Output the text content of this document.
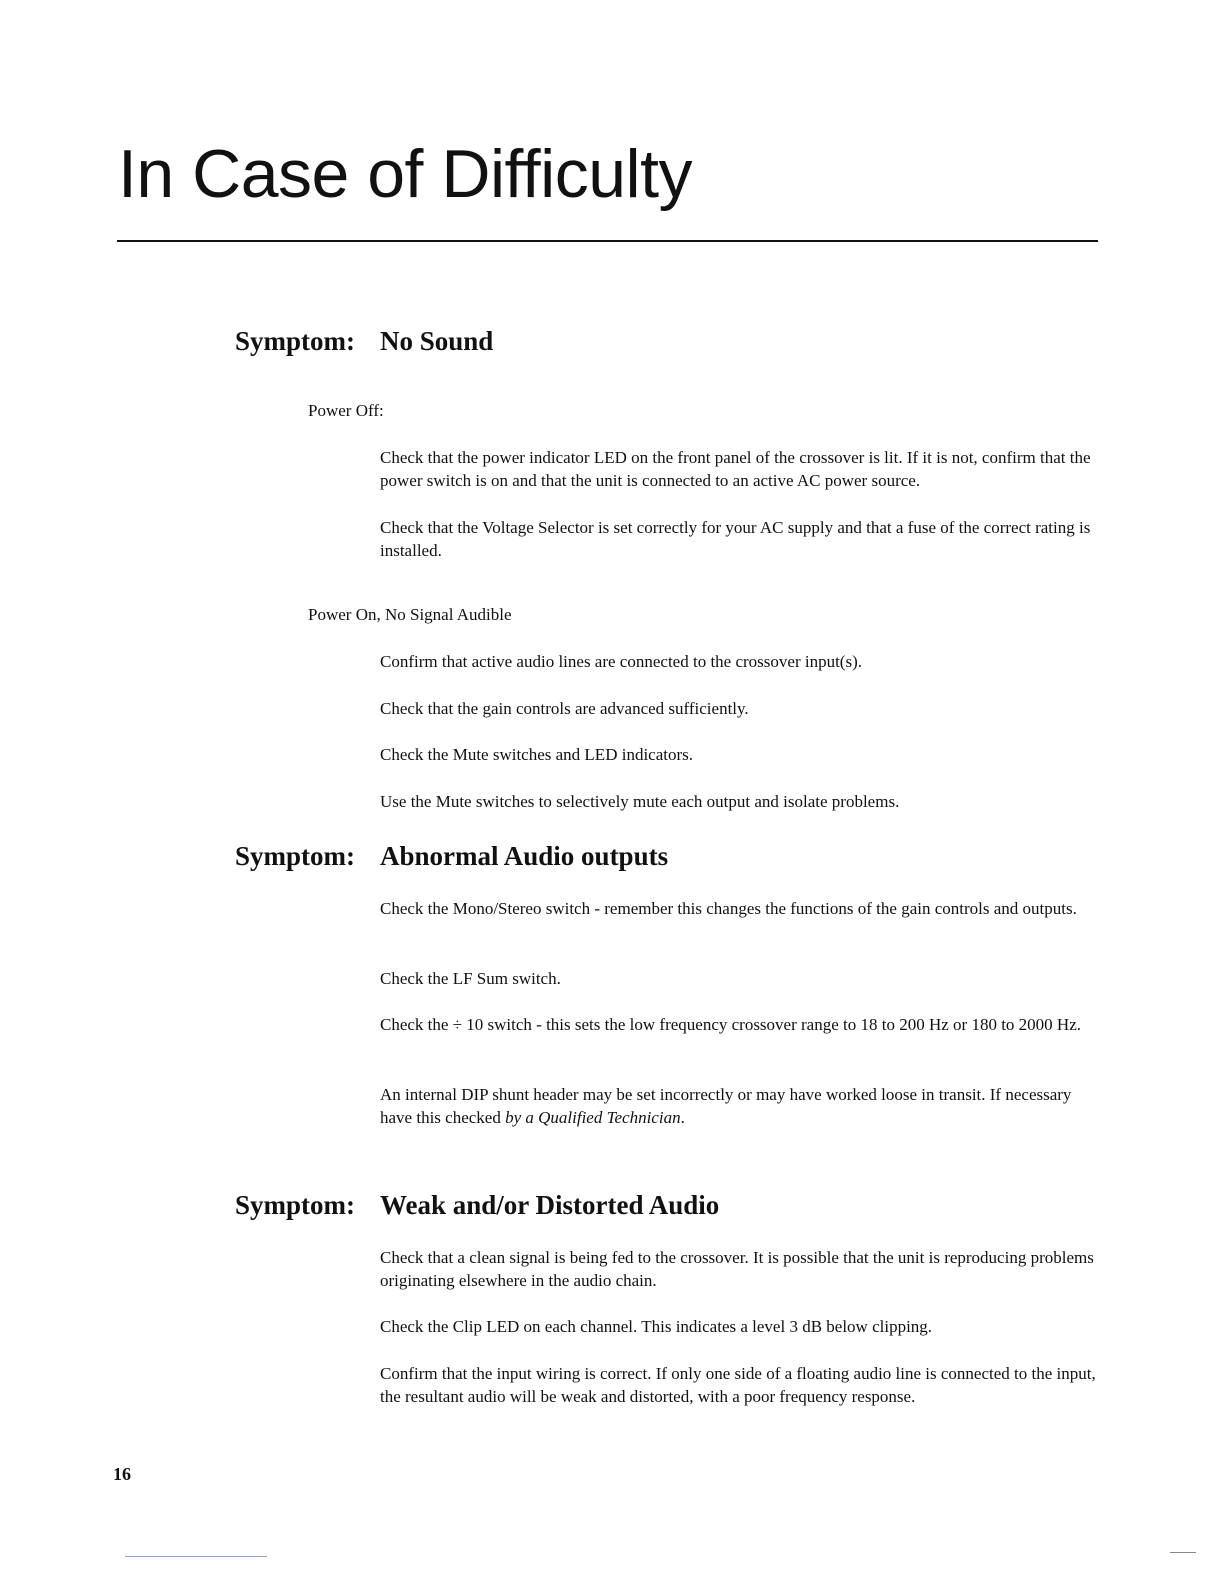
In Case of Difficulty
Symptom: No Sound
Power Off:

Check that the power indicator LED on the front panel of the crossover is lit. If it is not, confirm that the power switch is on and that the unit is connected to an active AC power source.

Check that the Voltage Selector is set correctly for your AC supply and that a fuse of the correct rating is installed.

Power On, No Signal Audible

Confirm that active audio lines are connected to the crossover input(s).

Check that the gain controls are advanced sufficiently.

Check the Mute switches and LED indicators.

Use the Mute switches to selectively mute each output and isolate problems.

Symptom: Abnormal Audio outputs

Check the Mono/Stereo switch - remember this changes the functions of the gain controls and outputs.

Check the LF Sum switch.

Check the ÷ 10 switch - this sets the low frequency crossover range to 18 to 200 Hz or 180 to 2000 Hz.

An internal DIP shunt header may be set incorrectly or may have worked loose in transit. If necessary have this checked by a Qualified Technician.

Symptom: Weak and/or Distorted Audio

Check that a clean signal is being fed to the crossover. It is possible that the unit is reproducing problems originating elsewhere in the audio chain.

Check the Clip LED on each channel. This indicates a level 3 dB below clipping.

Confirm that the input wiring is correct. If only one side of a floating audio line is connected to the input, the resultant audio will be weak and distorted, with a poor frequency response.

16
